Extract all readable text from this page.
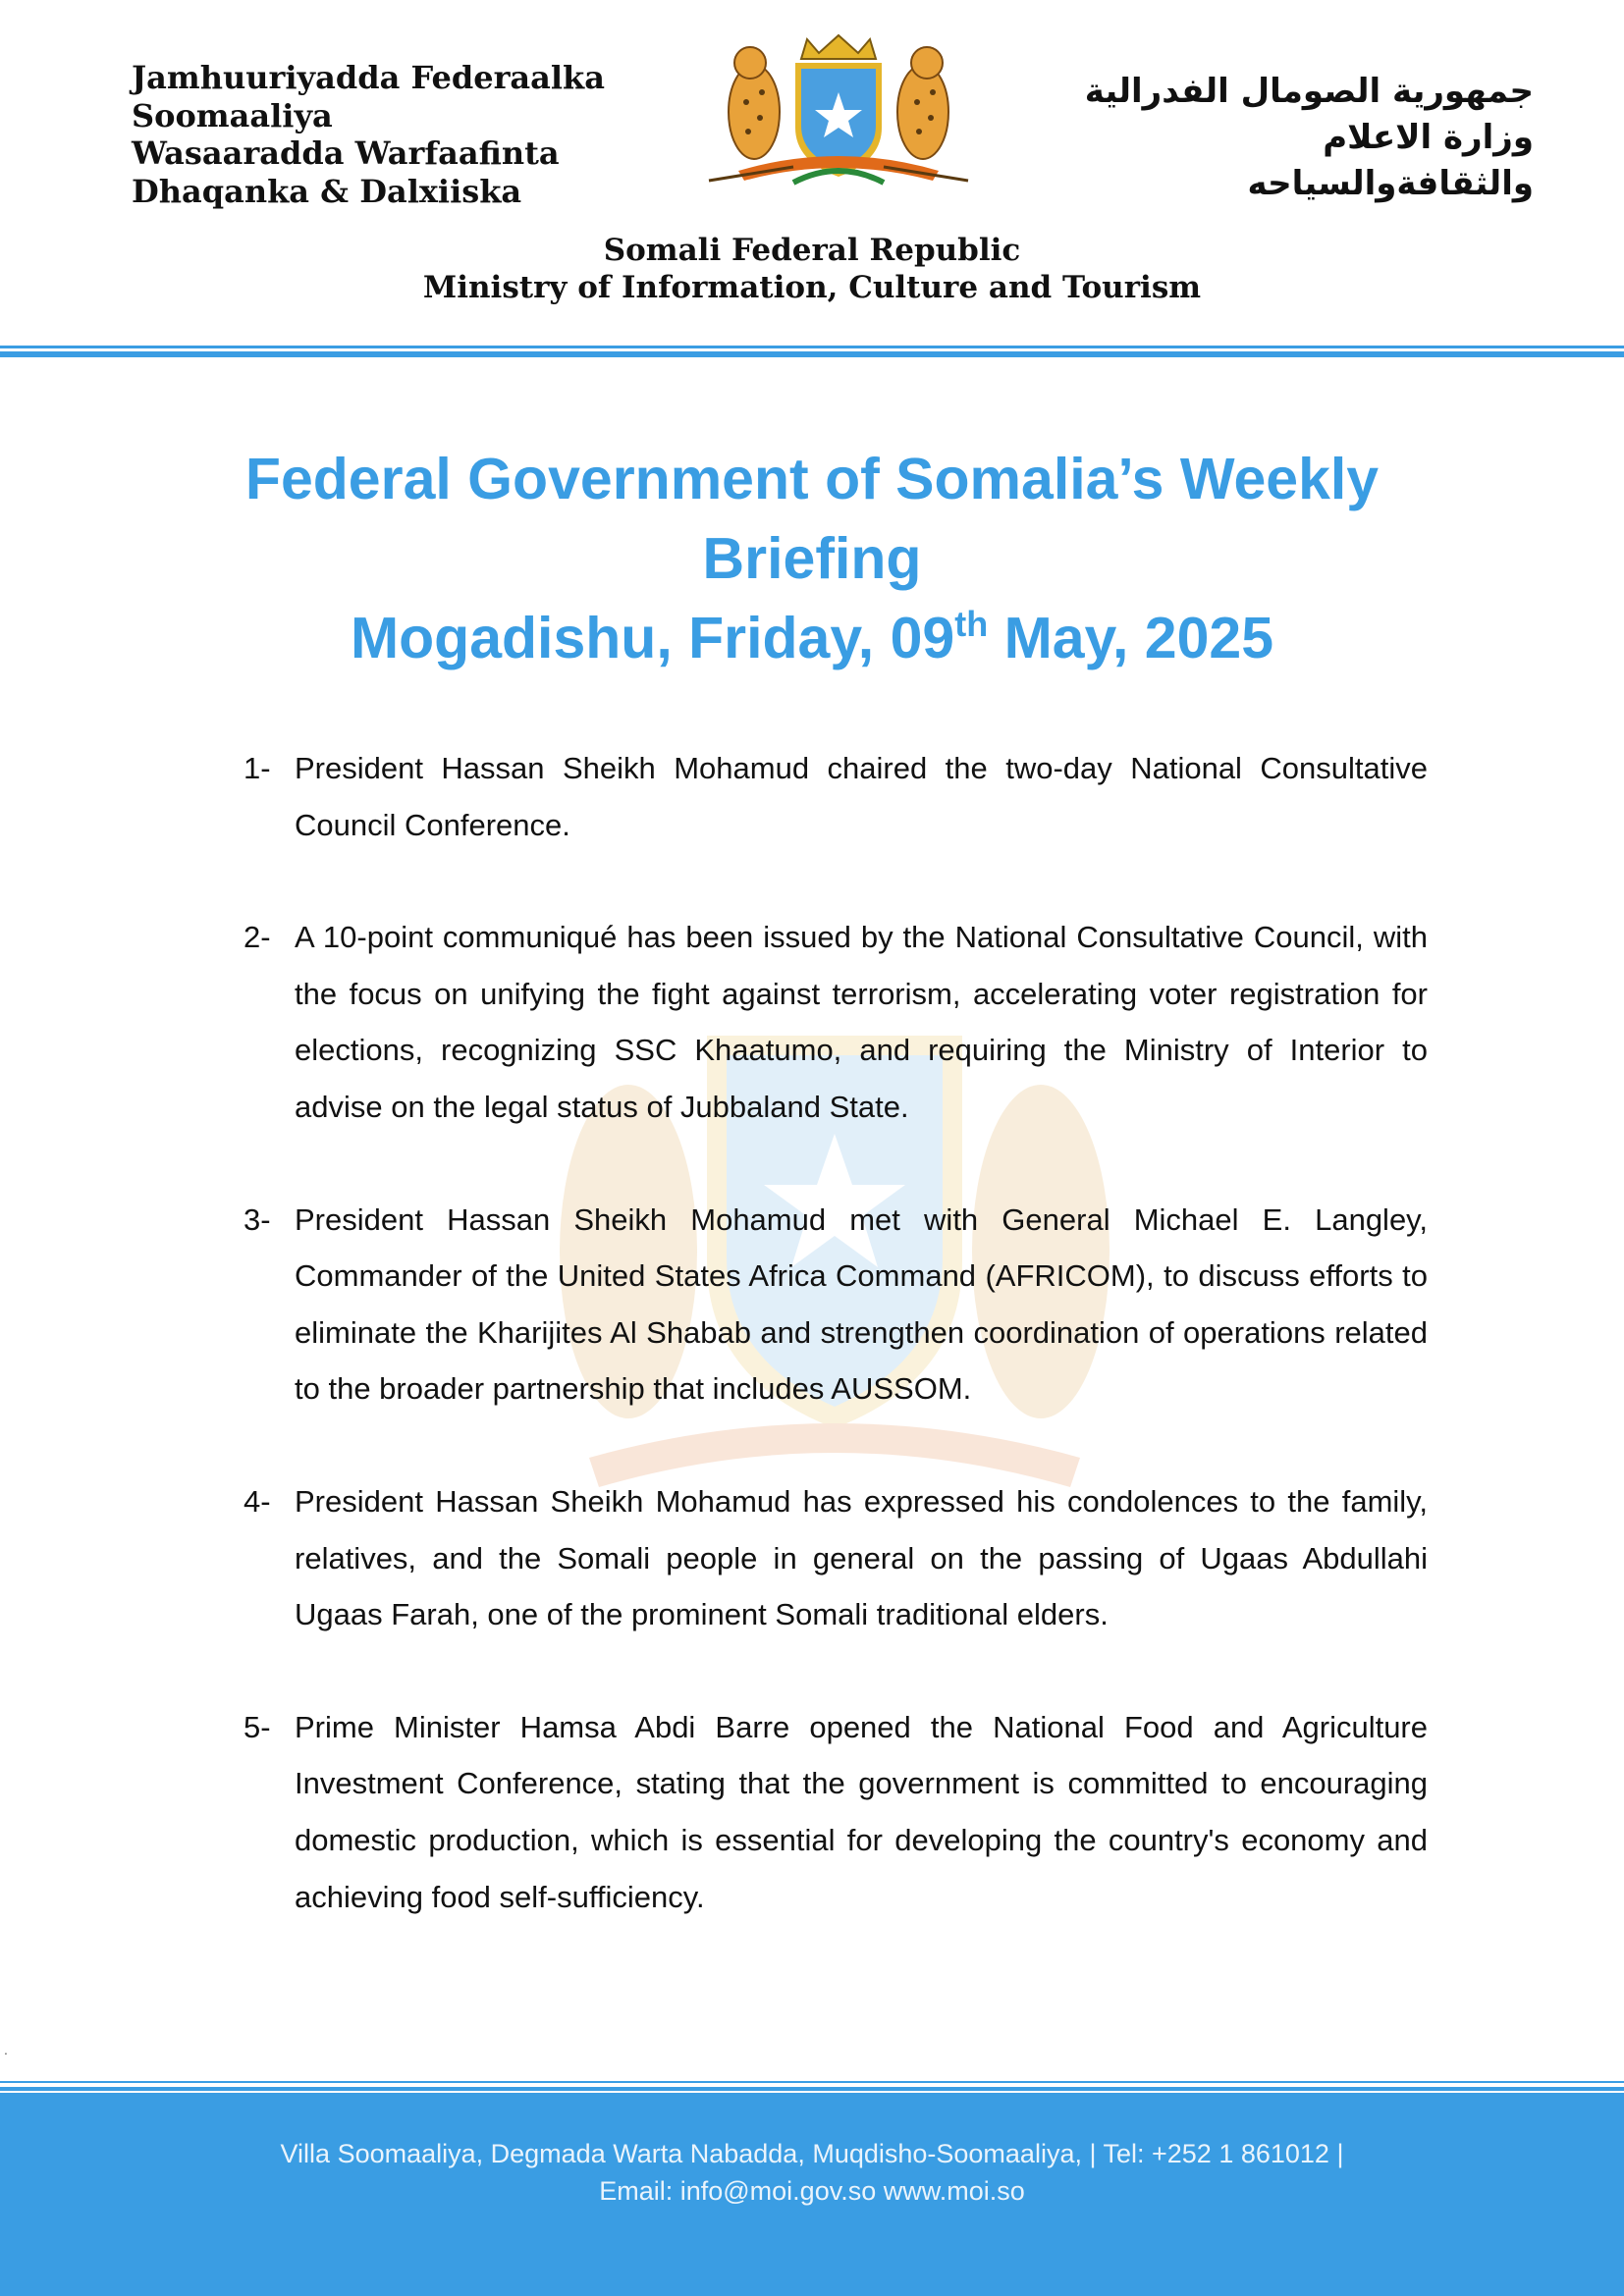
Jamhuuriyadda Federaalka
Soomaaliya
Wasaaradda Warfaafinta
Dhaqanka & Dalxiiska
جمهورية الصومال الفدرالية
وزارة الاعلام
والثقافةوالسياحه
Somali Federal Republic
Ministry of Information, Culture and Tourism
Federal Government of Somalia’s Weekly
Briefing
Mogadishu, Friday, 09th May, 2025
1- President Hassan Sheikh Mohamud chaired the two-day National Consultative Council Conference.
2- A 10-point communiqué has been issued by the National Consultative Council, with the focus on unifying the fight against terrorism, accelerating voter registration for elections, recognizing SSC Khaatumo, and requiring the Ministry of Interior to advise on the legal status of Jubbaland State.
3- President Hassan Sheikh Mohamud met with General Michael E. Langley, Commander of the United States Africa Command (AFRICOM), to discuss efforts to eliminate the Kharijites Al Shabab and strengthen coordination of operations related to the broader partnership that includes AUSSOM.
4- President Hassan Sheikh Mohamud has expressed his condolences to the family, relatives, and the Somali people in general on the passing of Ugaas Abdullahi Ugaas Farah, one of the prominent Somali traditional elders.
5- Prime Minister Hamsa Abdi Barre opened the National Food and Agriculture Investment Conference, stating that the government is committed to encouraging domestic production, which is essential for developing the country's economy and achieving food self-sufficiency.
.
Villa Soomaaliya, Degmada Warta Nabadda, Muqdisho-Soomaaliya, | Tel: +252 1 861012 |
Email: info@moi.gov.so www.moi.so
